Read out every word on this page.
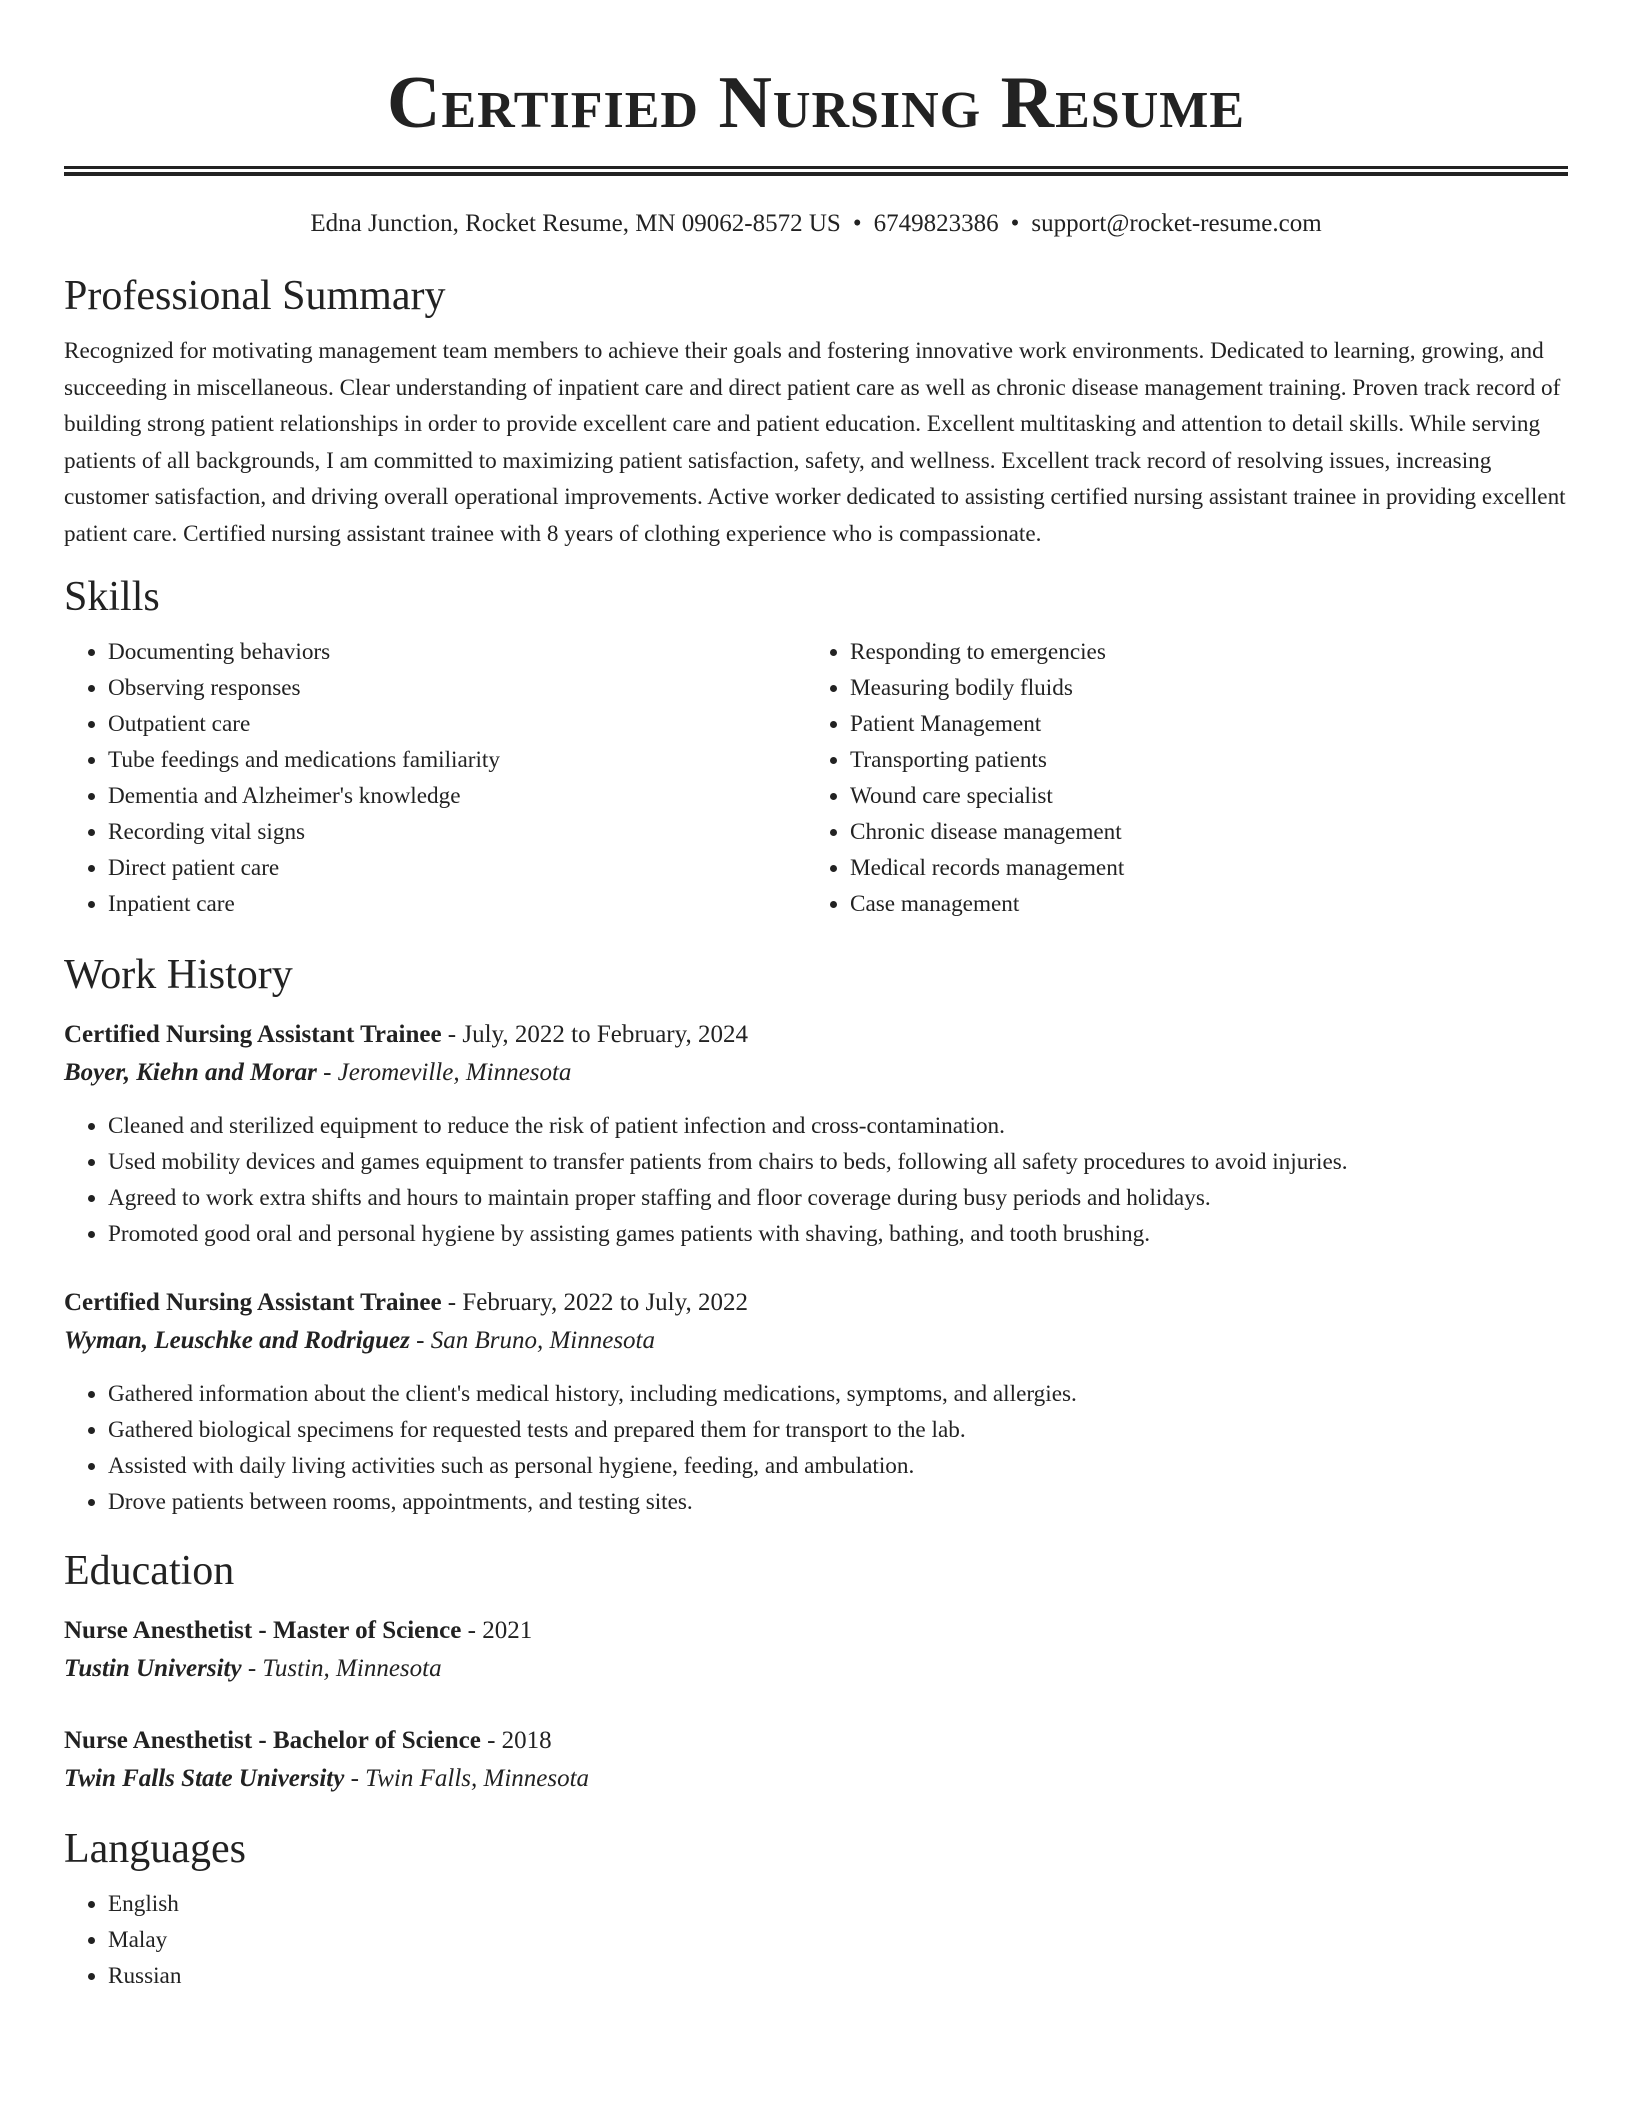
Certified Nursing Resume
Edna Junction, Rocket Resume, MN 09062-8572 US • 6749823386 • support@rocket-resume.com
Professional Summary

Recognized for motivating management team members to achieve their goals and fostering innovative work environments. Dedicated to learning, growing, and succeeding in miscellaneous. Clear understanding of inpatient care and direct patient care as well as chronic disease management training. Proven track record of building strong patient relationships in order to provide excellent care and patient education. Excellent multitasking and attention to detail skills. While serving patients of all backgrounds, I am committed to maximizing patient satisfaction, safety, and wellness. Excellent track record of resolving issues, increasing customer satisfaction, and driving overall operational improvements. Active worker dedicated to assisting certified nursing assistant trainee in providing excellent patient care. Certified nursing assistant trainee with 8 years of clothing experience who is compassionate.

Skills
• Documenting behaviors
• Observing responses
• Outpatient care
• Tube feedings and medications familiarity
• Dementia and Alzheimer's knowledge
• Recording vital signs
• Direct patient care
• Inpatient care
• Responding to emergencies
• Measuring bodily fluids
• Patient Management
• Transporting patients
• Wound care specialist
• Chronic disease management
• Medical records management
• Case management
Work History
Certified Nursing Assistant Trainee - July, 2022 to February, 2024
Boyer, Kiehn and Morar - Jeromeville, Minnesota
• Cleaned and sterilized equipment to reduce the risk of patient infection and cross-contamination.
• Used mobility devices and games equipment to transfer patients from chairs to beds, following all safety procedures to avoid injuries.
• Agreed to work extra shifts and hours to maintain proper staffing and floor coverage during busy periods and holidays.
• Promoted good oral and personal hygiene by assisting games patients with shaving, bathing, and tooth brushing.
Certified Nursing Assistant Trainee - February, 2022 to July, 2022
Wyman, Leuschke and Rodriguez - San Bruno, Minnesota
• Gathered information about the client's medical history, including medications, symptoms, and allergies.
• Gathered biological specimens for requested tests and prepared them for transport to the lab.
• Assisted with daily living activities such as personal hygiene, feeding, and ambulation.
• Drove patients between rooms, appointments, and testing sites.
Education
Nurse Anesthetist - Master of Science - 2021
Tustin University - Tustin, Minnesota
Nurse Anesthetist - Bachelor of Science - 2018
Twin Falls State University - Twin Falls, Minnesota
Languages
• English
• Malay
• Russian
